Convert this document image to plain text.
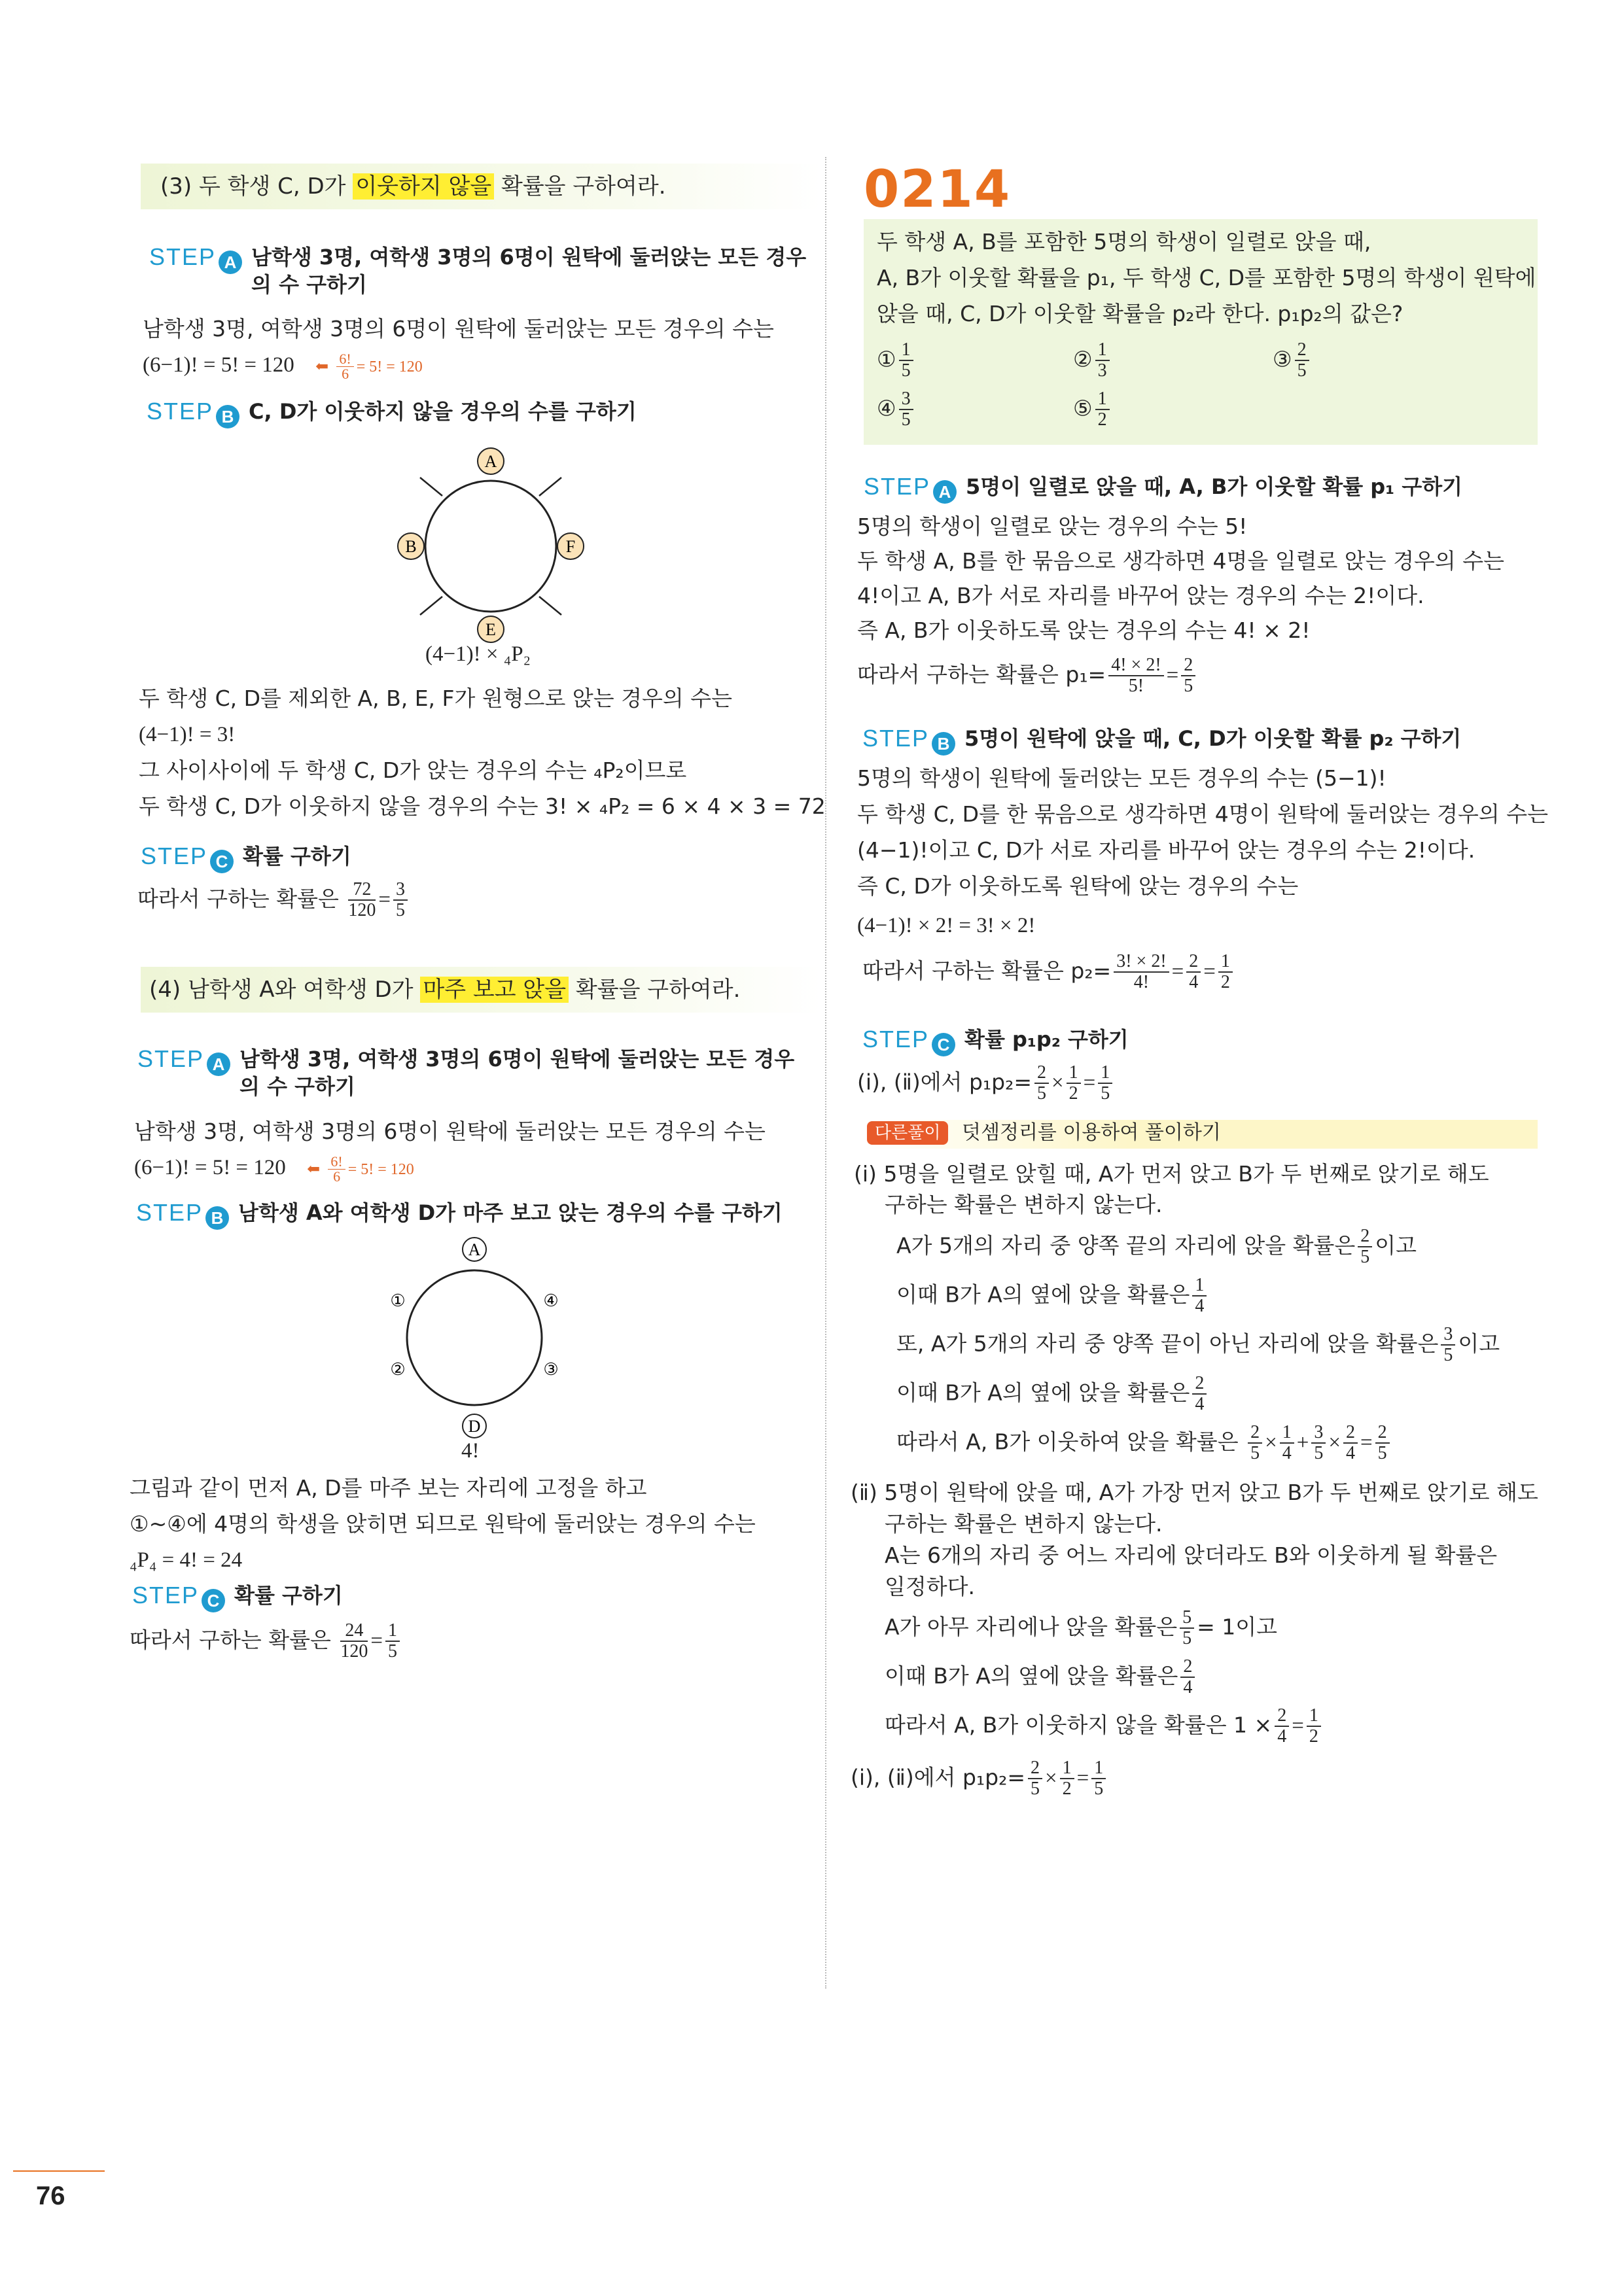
(3) 두 학생 C, D가 이웃하지 않을 확률을 구하여라.
STEP A 남학생 3명, 여학생 3명의 6명이 원탁에 둘러앉는 모든 경우의 수 구하기
남학생 3명, 여학생 3명의 6명이 원탁에 둘러앉는 모든 경우의 수는
(6−1)! = 5! = 120 ⬅ $\frac{6!}{6} = 5$! = 120
STEP B C, D가 이웃하지 않을 경우의 수를 구하기
A
F
E
B
(4−1)! × ₄P₂
두 학생 C, D를 제외한 A, B, E, F가 원형으로 앉는 경우의 수는
(4−1)! = 3!
그 사이사이에 두 학생 C, D가 앉는 경우의 수는 ₄P₂이므로
두 학생 C, D가 이웃하지 않을 경우의 수는 3! × ₄P₂ = 6 × 4 × 3 = 72
STEP C 확률 구하기
따라서 구하는 확률은 $\frac{72}{120} = \frac{3}{5}$
(4) 남학생 A와 여학생 D가 마주 보고 앉을 확률을 구하여라.
STEP A 남학생 3명, 여학생 3명의 6명이 원탁에 둘러앉는 모든 경우의 수 구하기
남학생 3명, 여학생 3명의 6명이 원탁에 둘러앉는 모든 경우의 수는
(6−1)! = 5! = 120 ⬅ $\frac{6!}{6} = 5$! = 120
STEP B 남학생 A와 여학생 D가 마주 보고 앉는 경우의 수를 구하기
A
④
③
D
②
①
4!
그림과 같이 먼저 A, D를 마주 보는 자리에 고정을 하고
①~④에 4명의 학생을 앉히면 되므로 원탁에 둘러앉는 경우의 수는
₄P₄ = 4! = 24
STEP C 확률 구하기
따라서 구하는 확률은 $\frac{24}{120} = \frac{1}{5}$
76
0214
두 학생 A, B를 포함한 5명의 학생이 일렬로 앉을 때,
A, B가 이웃할 확률을 p₁, 두 학생 C, D를 포함한 5명의 학생이 원탁에
앉을 때, C, D가 이웃할 확률을 p₂라 한다. p₁p₂의 값은?
① $\frac{1}{5}$	② $\frac{1}{3}$	③ $\frac{2}{5}$
④ $\frac{3}{5}$	⑤ $\frac{1}{2}$
STEP A 5명이 일렬로 앉을 때, A, B가 이웃할 확률 p₁ 구하기
5명의 학생이 일렬로 앉는 경우의 수는 5!
두 학생 A, B를 한 묶음으로 생각하면 4명을 일렬로 앉는 경우의 수는
4!이고 A, B가 서로 자리를 바꾸어 앉는 경우의 수는 2!이다.
즉 A, B가 이웃하도록 앉는 경우의 수는 4! × 2!
따라서 구하는 확률은 $p_1= \frac{4! \times 2!}{5!} = \frac{2}{5}$
STEP B 5명이 원탁에 앉을 때, C, D가 이웃할 확률 p₂ 구하기
5명의 학생이 원탁에 둘러앉는 모든 경우의 수는 (5−1)!
두 학생 C, D를 한 묶음으로 생각하면 4명이 원탁에 둘러앉는 경우의 수는
(4−1)!이고 C, D가 서로 자리를 바꾸어 앉는 경우의 수는 2!이다.
즉 C, D가 이웃하도록 원탁에 앉는 경우의 수는
(4−1)! × 2! = 3! × 2!
따라서 구하는 확률은 $p_2= \frac{3! \times 2!}{4!} = \frac{2}{4} = \frac{1}{2}$
STEP C 확률 p₁p₂ 구하기
(ⅰ), (ⅱ)에서 $p_1p_2= \frac{2}{5} \times \frac{1}{2} = \frac{1}{5}$
다른풀이	덧셈정리를 이용하여 풀이하기
(ⅰ) 5명을 일렬로 앉힐 때, A가 먼저 앉고 B가 두 번째로 앉기로 해도
구하는 확률은 변하지 않는다.
A가 5개의 자리 중 양쪽 끝의 자리에 앉을 확률은 $\frac{2}{5}$ 이고
이때 B가 A의 옆에 앉을 확률은 $\frac{1}{4}$
또, A가 5개의 자리 중 양쪽 끝이 아닌 자리에 앉을 확률은 $\frac{3}{5}$ 이고
이때 B가 A의 옆에 앉을 확률은 $\frac{2}{4}$
따라서 A, B가 이웃하여 앉을 확률은 $\frac{2}{5} \times \frac{1}{4} + \frac{3}{5} \times \frac{2}{4} = \frac{2}{5}$
(ⅱ) 5명이 원탁에 앉을 때, A가 가장 먼저 앉고 B가 두 번째로 앉기로 해도
구하는 확률은 변하지 않는다.
A는 6개의 자리 중 어느 자리에 앉더라도 B와 이웃하게 될 확률은
일정하다.
A가 아무 자리에나 앉을 확률은 $\frac{5}{5} = 1$이고
이때 B가 A의 옆에 앉을 확률은 $\frac{2}{4}$
따라서 A, B가 이웃하지 않을 확률은 $1 \times \frac{2}{4} = \frac{1}{2}$
(ⅰ), (ⅱ)에서 $p_1p_2= \frac{2}{5} \times \frac{1}{2} = \frac{1}{5}$
